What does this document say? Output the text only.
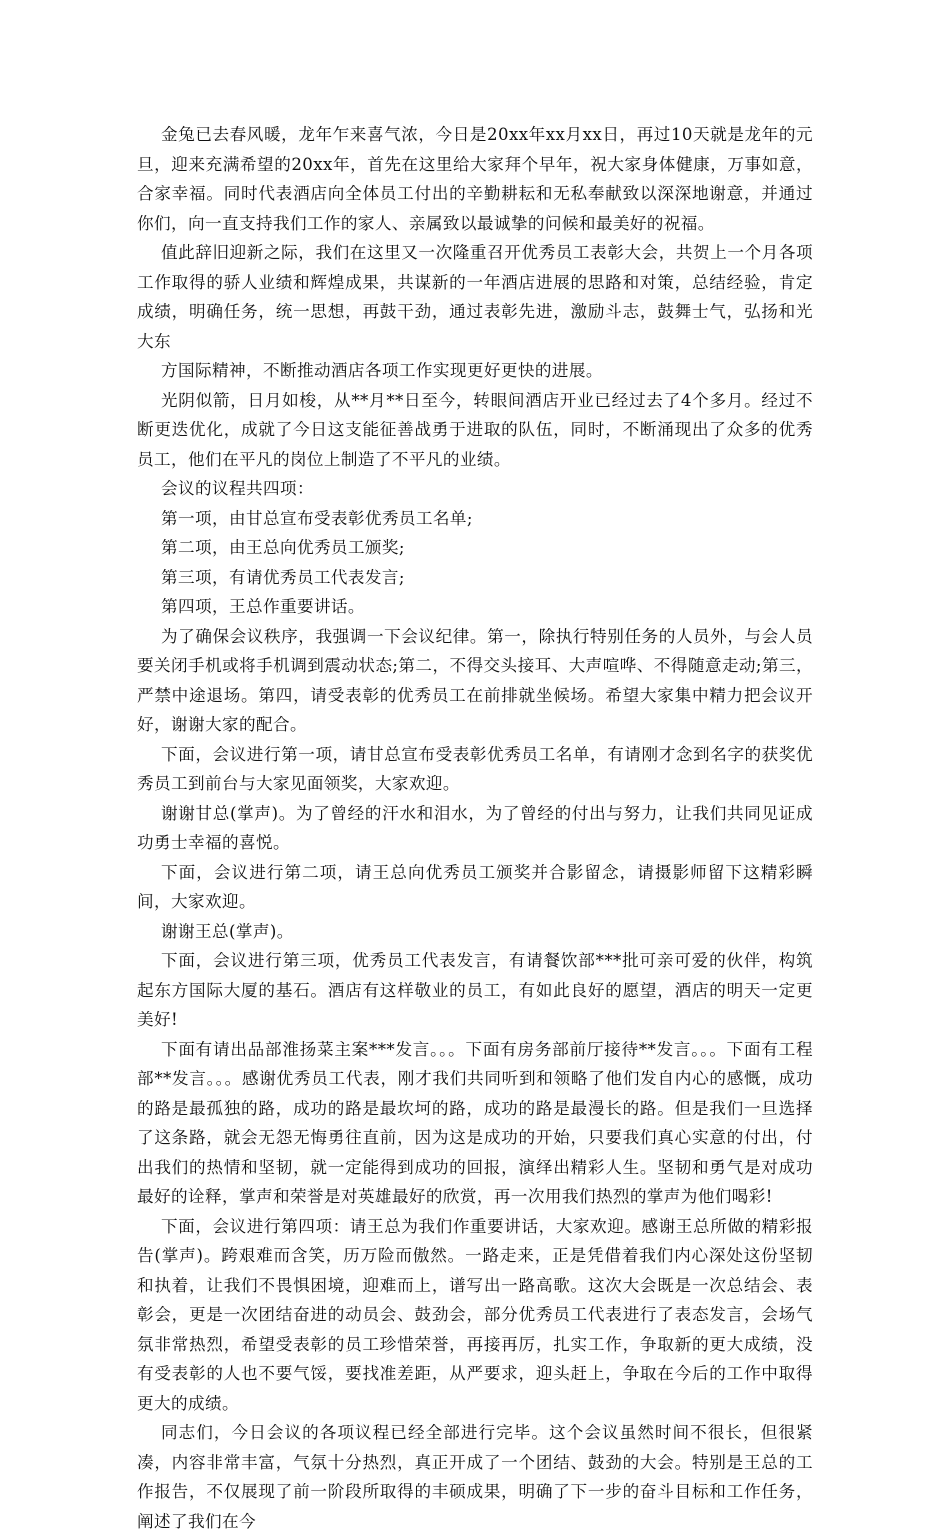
金兔已去春风暖，龙年乍来喜气浓，今日是20xx年xx月xx日，再过10天就是龙年的元旦，迎来充满希望的20xx年，首先在这里给大家拜个早年，祝大家身体健康，万事如意，合家幸福。同时代表酒店向全体员工付出的辛勤耕耘和无私奉献致以深深地谢意，并通过你们，向一直支持我们工作的家人、亲属致以最诚挚的问候和最美好的祝福。

值此辞旧迎新之际，我们在这里又一次隆重召开优秀员工表彰大会，共贺上一个月各项工作取得的骄人业绩和辉煌成果，共谋新的一年酒店进展的思路和对策，总结经验，肯定成绩，明确任务，统一思想，再鼓干劲，通过表彰先进，激励斗志，鼓舞士气，弘扬和光大东

方国际精神，不断推动酒店各项工作实现更好更快的进展。

光阴似箭，日月如梭，从**月**日至今，转眼间酒店开业已经过去了4个多月。经过不断更迭优化，成就了今日这支能征善战勇于进取的队伍，同时，不断涌现出了众多的优秀员工，他们在平凡的岗位上制造了不平凡的业绩。

会议的议程共四项：

第一项，由甘总宣布受表彰优秀员工名单;

第二项，由王总向优秀员工颁奖;

第三项，有请优秀员工代表发言;

第四项，王总作重要讲话。

为了确保会议秩序，我强调一下会议纪律。第一，除执行特别任务的人员外，与会人员要关闭手机或将手机调到震动状态;第二，不得交头接耳、大声喧哗、不得随意走动;第三，严禁中途退场。第四，请受表彰的优秀员工在前排就坐候场。希望大家集中精力把会议开好，谢谢大家的配合。

下面，会议进行第一项，请甘总宣布受表彰优秀员工名单，有请刚才念到名字的获奖优秀员工到前台与大家见面领奖，大家欢迎。

谢谢甘总(掌声)。为了曾经的汗水和泪水，为了曾经的付出与努力，让我们共同见证成功勇士幸福的喜悦。

下面，会议进行第二项，请王总向优秀员工颁奖并合影留念，请摄影师留下这精彩瞬间，大家欢迎。

谢谢王总(掌声)。

下面，会议进行第三项，优秀员工代表发言，有请餐饮部***批可亲可爱的伙伴，构筑起东方国际大厦的基石。酒店有这样敬业的员工，有如此良好的愿望，酒店的明天一定更美好!

下面有请出品部淮扬菜主案***发言。。。下面有房务部前厅接待**发言。。。下面有工程部**发言。。。感谢优秀员工代表，刚才我们共同听到和领略了他们发自内心的感慨，成功的路是最孤独的路，成功的路是最坎坷的路，成功的路是最漫长的路。但是我们一旦选择了这条路，就会无怨无悔勇往直前，因为这是成功的开始，只要我们真心实意的付出，付出我们的热情和坚韧，就一定能得到成功的回报，演绎出精彩人生。坚韧和勇气是对成功最好的诠释，掌声和荣誉是对英雄最好的欣赏，再一次用我们热烈的掌声为他们喝彩!

下面，会议进行第四项：请王总为我们作重要讲话，大家欢迎。感谢王总所做的精彩报告(掌声)。跨艰难而含笑，历万险而傲然。一路走来，正是凭借着我们内心深处这份坚韧和执着，让我们不畏惧困境，迎难而上，谱写出一路高歌。这次大会既是一次总结会、表彰会，更是一次团结奋进的动员会、鼓劲会，部分优秀员工代表进行了表态发言，会场气氛非常热烈，希望受表彰的员工珍惜荣誉，再接再厉，扎实工作，争取新的更大成绩，没有受表彰的人也不要气馁，要找准差距，从严要求，迎头赶上，争取在今后的工作中取得更大的成绩。

同志们，今日会议的各项议程已经全部进行完毕。这个会议虽然时间不很长，但很紧凑，内容非常丰富，气氛十分热烈，真正开成了一个团结、鼓劲的大会。特别是王总的工作报告，不仅展现了前一阶段所取得的丰硕成果，明确了下一步的奋斗目标和工作任务，阐述了我们在今
